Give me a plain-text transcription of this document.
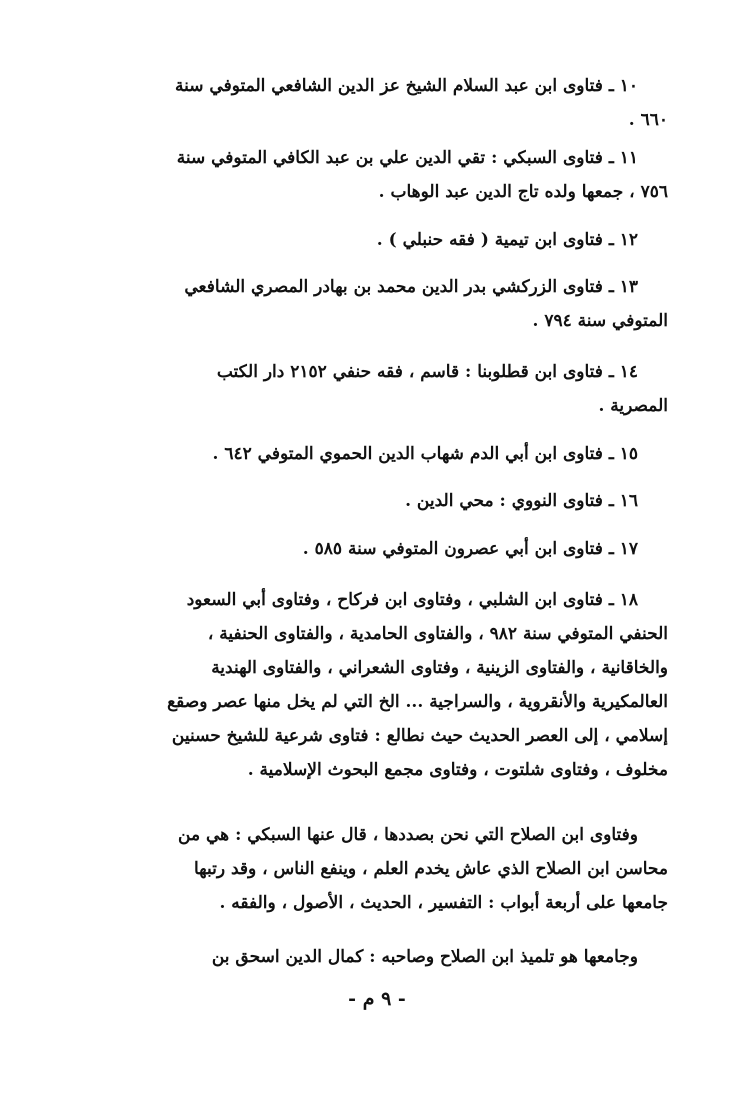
١٠ ـ فتاوى ابن عبد السلام الشيخ عز الدين الشافعي المتوفي سنة
٦٦٠ .
١١ ـ فتاوى السبكي : تقي الدين علي بن عبد الكافي المتوفي سنة
٧٥٦ ، جمعها ولده تاج الدين عبد الوهاب .
١٢ ـ فتاوى ابن تيمية ( فقه حنبلي ) .
١٣ ـ فتاوى الزركشي بدر الدين محمد بن بهادر المصري الشافعي
المتوفي سنة ٧٩٤ .
١٤ ـ فتاوى ابن قطلوبنا : قاسم ، فقه حنفي ٢١٥٢ دار الكتب
المصرية .
١٥ ـ فتاوى ابن أبي الدم شهاب الدين الحموي المتوفي ٦٤٢ .
١٦ ـ فتاوى النووي : محي الدين .
١٧ ـ فتاوى ابن أبي عصرون المتوفي سنة ٥٨٥ .
١٨ ـ فتاوى ابن الشلبي ، وفتاوى ابن فركاح ، وفتاوى أبي السعود
الحنفي المتوفي سنة ٩٨٢ ، والفتاوى الحامدية ، والفتاوى الحنفية ،
والخاقانية ، والفتاوى الزينية ، وفتاوى الشعراني ، والفتاوى الهندية
العالمكيرية والأنقروية ، والسراجية ... الخ التي لم يخل منها عصر وصقع
إسلامي ، إلى العصر الحديث حيث نطالع : فتاوى شرعية للشيخ حسنين
مخلوف ، وفتاوى شلتوت ، وفتاوى مجمع البحوث الإسلامية .
وفتاوى ابن الصلاح التي نحن بصددها ، قال عنها السبكي : هي من
محاسن ابن الصلاح الذي عاش يخدم العلم ، وينفع الناس ، وقد رتبها
جامعها على أربعة أبواب : التفسير ، الحديث ، الأصول ، والفقه .
وجامعها هو تلميذ ابن الصلاح وصاحبه : كمال الدين اسحق بن
- ٩ م -
